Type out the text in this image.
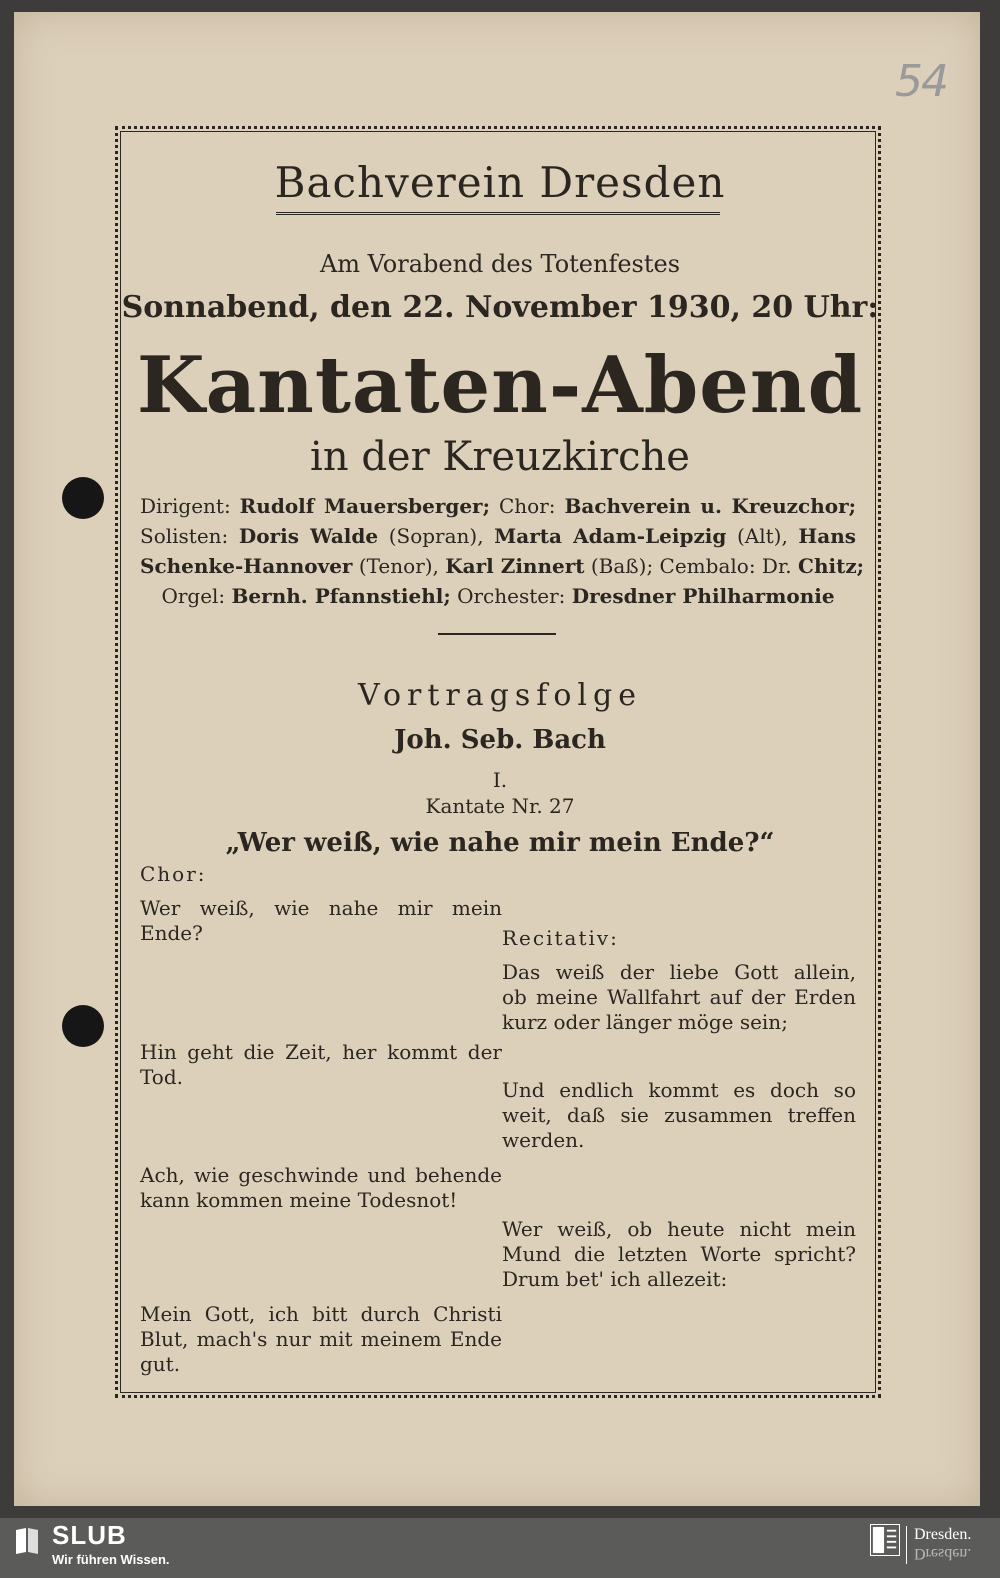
54
Bachverein Dresden
Am Vorabend des Totenfestes
Sonnabend, den 22. November 1930, 20 Uhr:
Kantaten-Abend
in der Kreuzkirche
Dirigent: Rudolf Mauersberger; Chor: Bachverein u. Kreuzchor;
Solisten: Doris Walde (Sopran), Marta Adam-Leipzig (Alt), Hans
Schenke-Hannover (Tenor), Karl Zinnert (Baß); Cembalo: Dr. Chitz;
Orgel: Bernh. Pfannstiehl; Orchester: Dresdner Philharmonie
Vortragsfolge
Joh. Seb. Bach
I.
Kantate Nr. 27
„Wer weiß, wie nahe mir mein Ende?“
Chor:
Recitativ:
Wer weiß, wie nahe mir mein
Ende?
Hin geht die Zeit, her kommt der
Tod.
Ach, wie geschwinde und behende
kann kommen meine Todesnot!
Mein Gott, ich bitt durch Christi
Blut, mach's nur mit meinem Ende
gut.
Das weiß der liebe Gott allein,
ob meine Wallfahrt auf der Erden
kurz oder länger möge sein;
Und endlich kommt es doch so
weit, daß sie zusammen treffen
werden.
Wer weiß, ob heute nicht mein
Mund die letzten Worte spricht?
Drum bet' ich allezeit:
SLUB
Wir führen Wissen.
Dresden.
Dresden.
